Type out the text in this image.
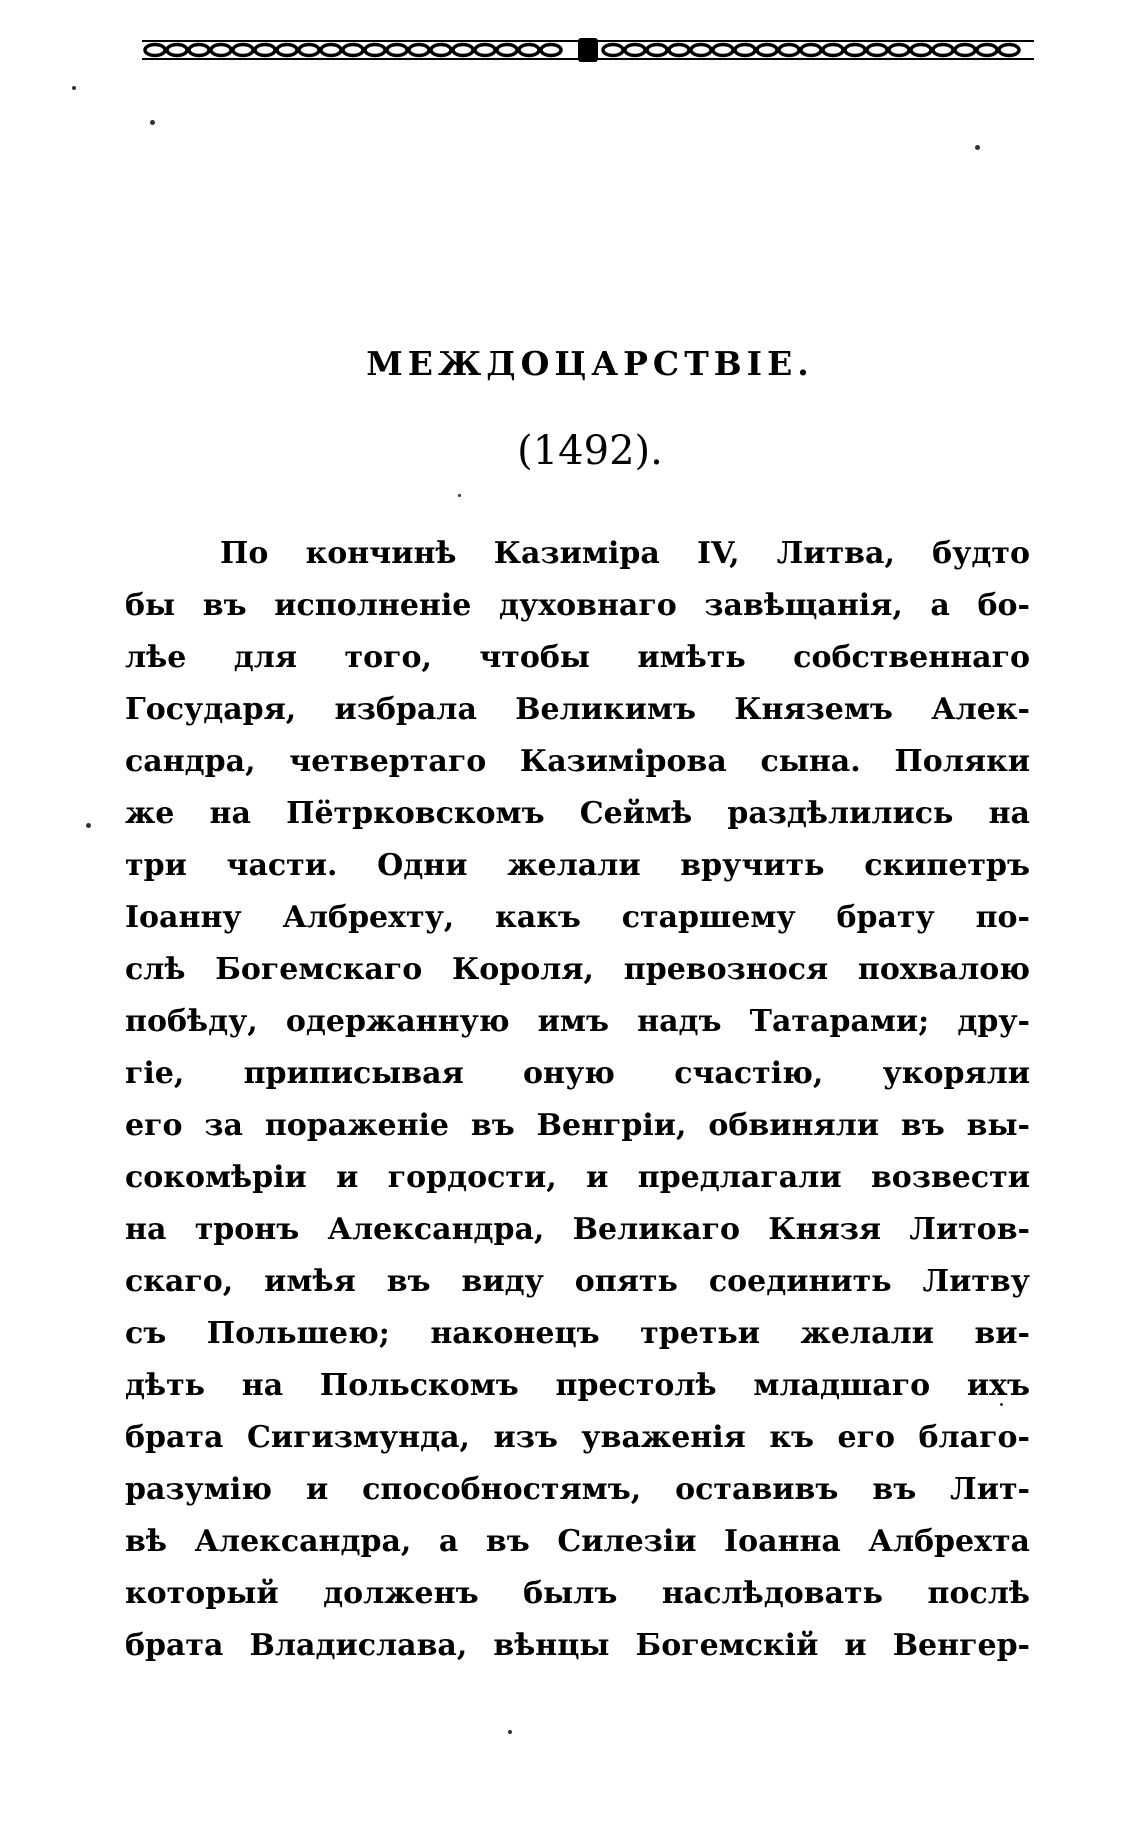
МЕЖДОЦАРСТВІЕ.
(1492).
По кончинѣ Казиміра IV, Литва, будто
бы въ исполненіе духовнаго завѣщанія, а бо-
лѣе для того, чтобы имѣть собственнаго
Государя, избрала Великимъ Княземъ Алек-
сандра, четвертаго Казимірова сына. Поляки
же на Пётрковскомъ Сеймѣ раздѣлились на
три части. Одни желали вручить скипетръ
Іоанну Албрехту, какъ старшему брату по-
слѣ Богемскаго Короля, превознося похвалою
побѣду, одержанную имъ надъ Татарами; дру-
гіе, приписывая оную счастію, укоряли
его за пораженіе въ Венгріи, обвиняли въ вы-
сокомѣріи и гордости, и предлагали возвести
на тронъ Александра, Великаго Князя Литов-
скаго, имѣя въ виду опять соединить Литву
съ Польшею; наконецъ третьи желали ви-
дѣть на Польскомъ престолѣ младшаго ихъ
брата Сигизмунда, изъ уваженія къ его благо-
разумію и способностямъ, оставивъ въ Лит-
вѣ Александра, а въ Силезіи Іоанна Албрехта
который долженъ былъ наслѣдовать послѣ
брата Владислава, вѣнцы Богемскій и Венгер-
